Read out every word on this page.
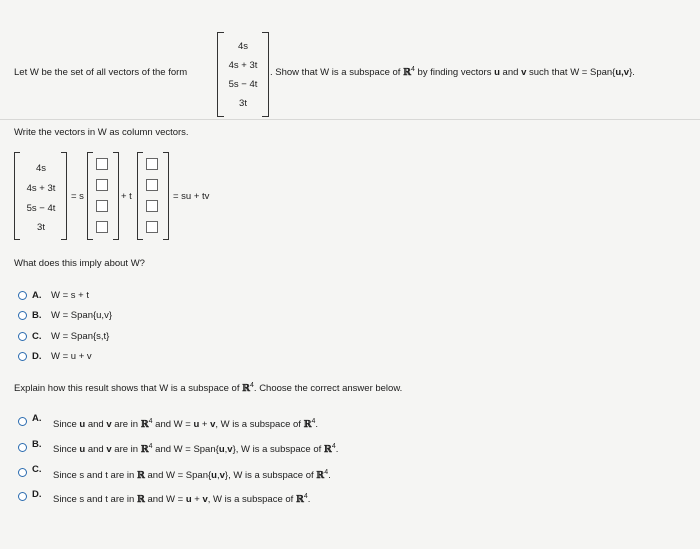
Let W be the set of all vectors of the form
4s
4s + 3t
5s − 4t
3t
. Show that W is a subspace of ℝ$^4$ by finding vectors u and v such that W = Span{u,v}.
Write the vectors in W as column vectors.
4s
4s + 3t
5s − 4t
3t
= s	+ t	= su + tv
What does this imply about W?
A. W = s + t
B. W = Span{u,v}
C. W = Span{s,t}
D. W = u + v
Explain how this result shows that W is a subspace of ℝ$^4$. Choose the correct answer below.
A.
Since u and v are in ℝ$^4$ and W = u + v, W is a subspace of ℝ$^4$.
B. Since u and v are in ℝ$^4$ and W = Span{u,v}, W is a subspace of ℝ$^4$.
C.
Since s and t are in ℝ and W = Span{u,v}, W is a subspace of ℝ$^4$.
D. Since s and t are in ℝ and W = u + v, W is a subspace of ℝ$^4$.
